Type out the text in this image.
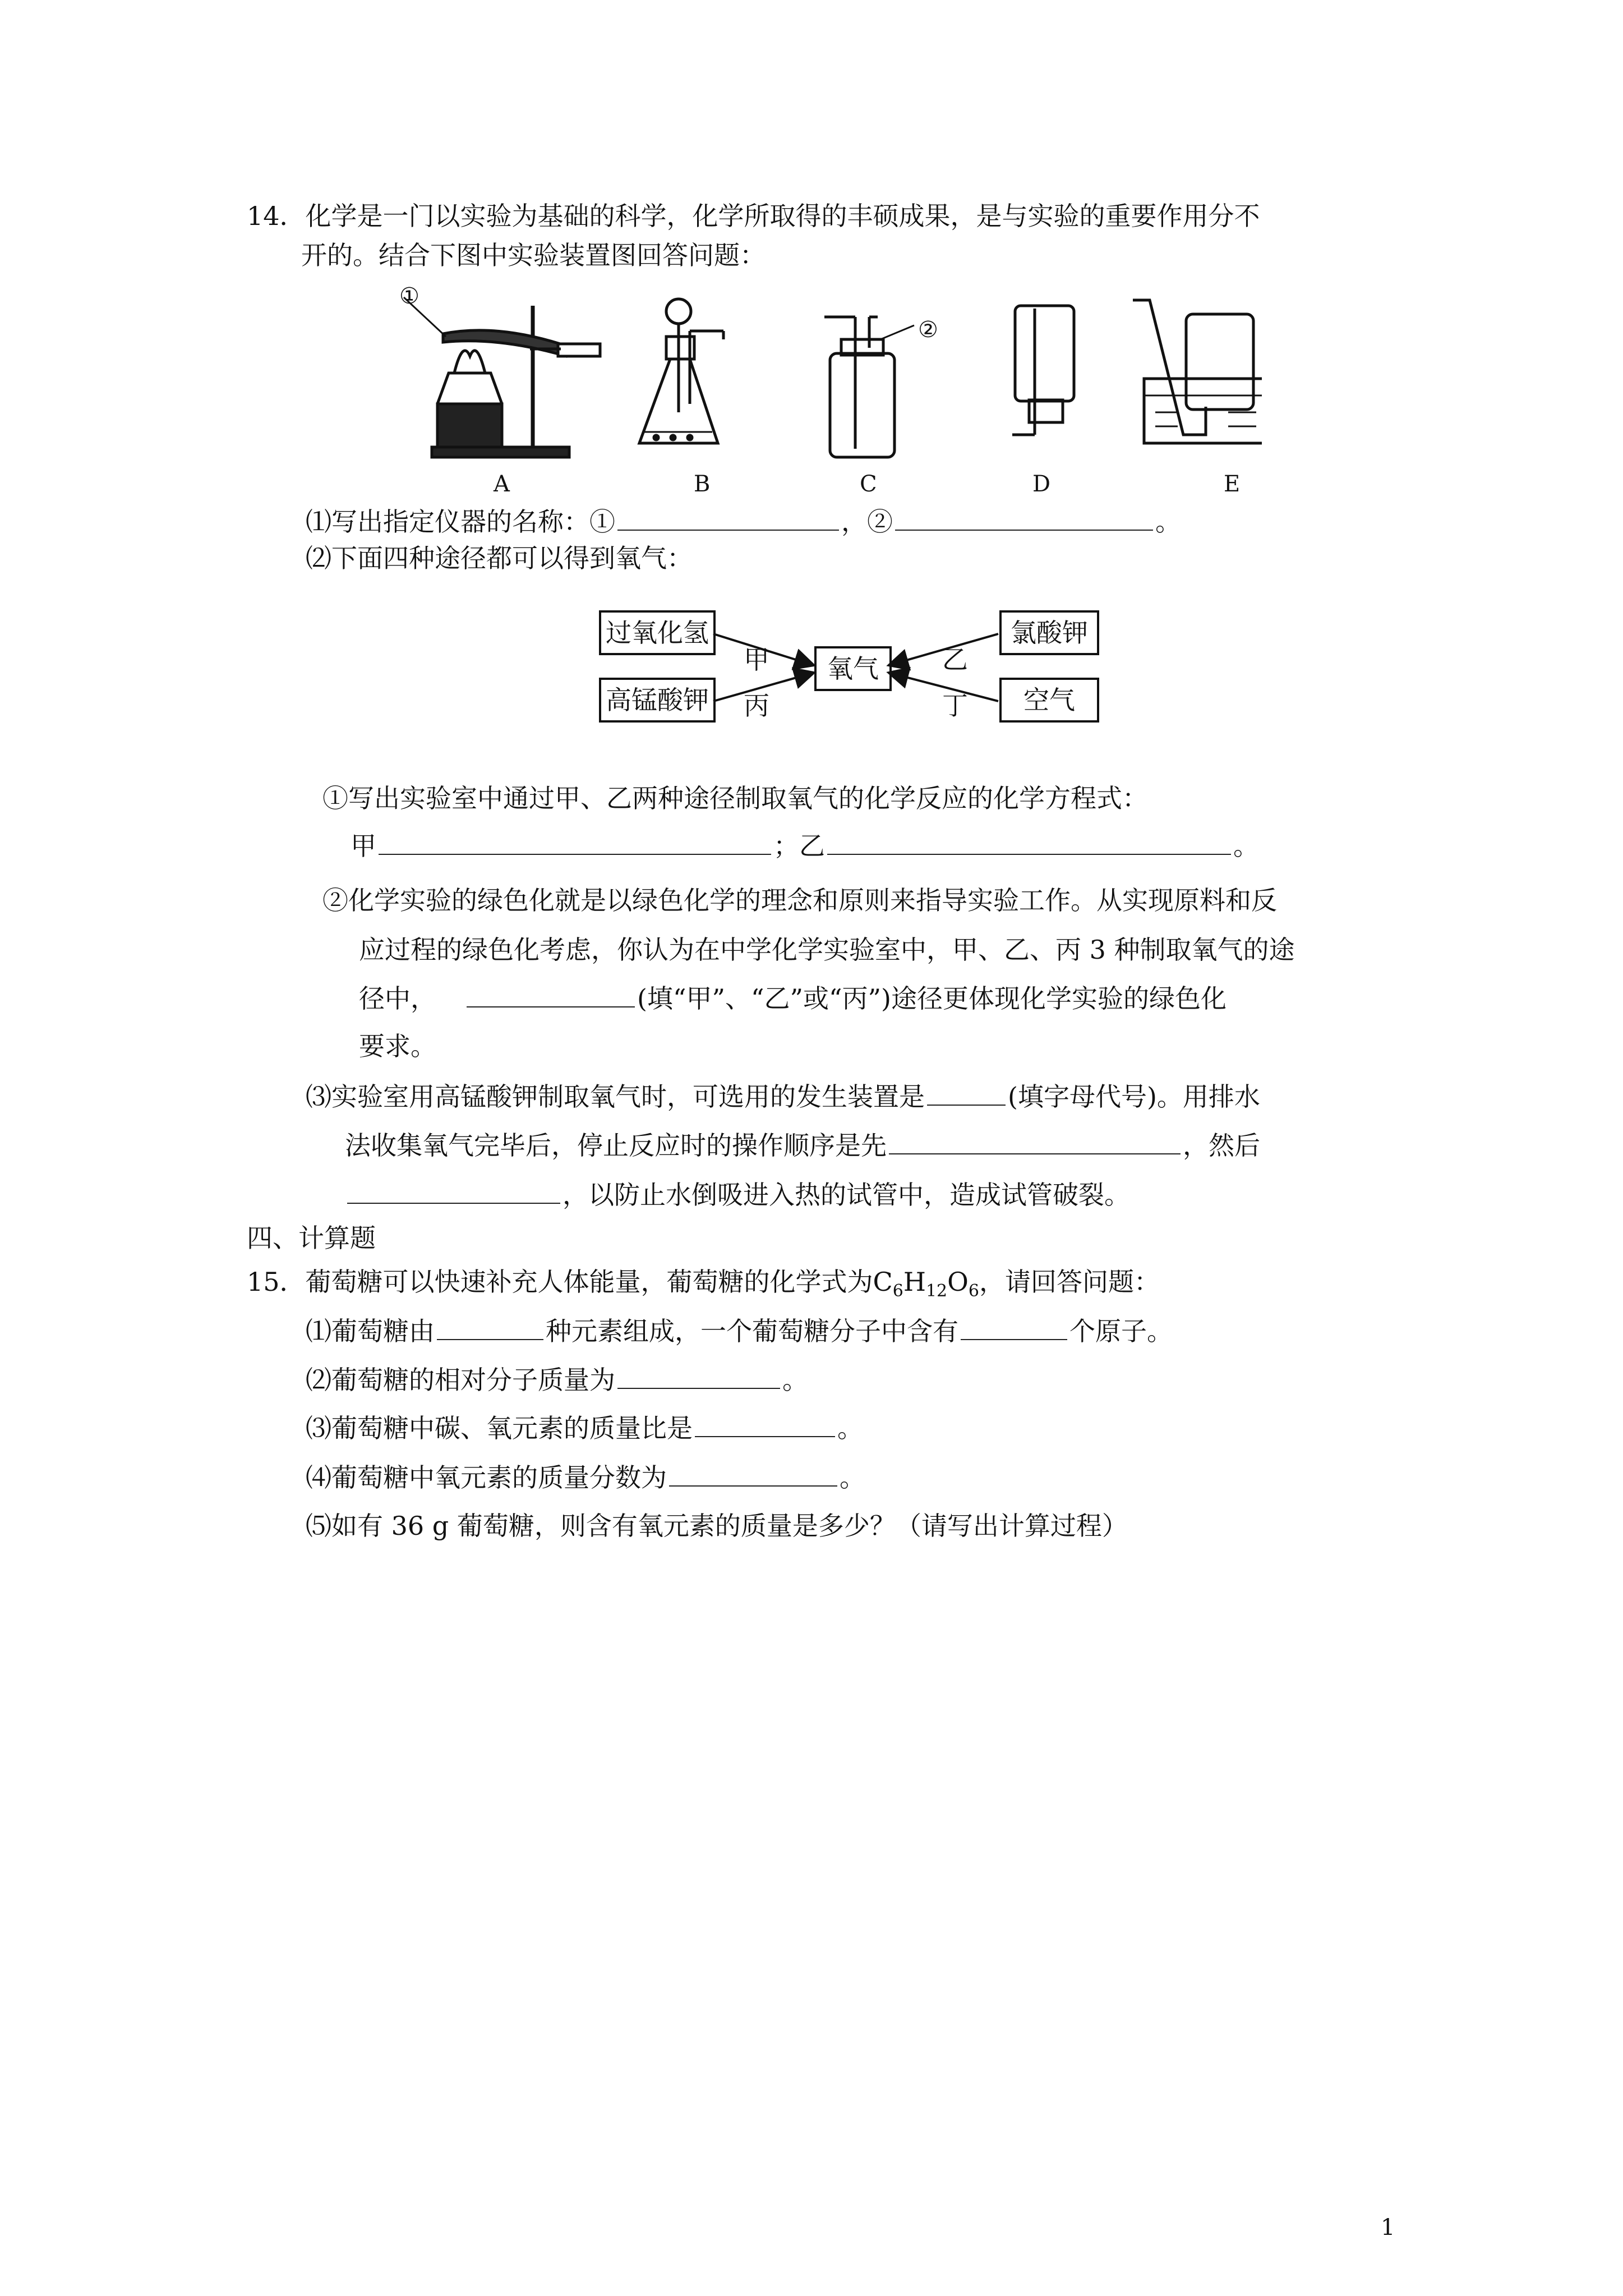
14．化学是一门以实验为基础的科学，化学所取得的丰硕成果，是与实验的重要作用分不
开的。结合下图中实验装置图回答问题：
①
②
A	B	C	D	E
⑴写出指定仪器的名称：①	，②	。
⑵下面四种途径都可以得到氧气：
过氧化氢
高锰酸钾
氧气
氯酸钾
空气
甲
丙
乙
丁
①写出实验室中通过甲、乙两种途径制取氧气的化学反应的化学方程式：
甲	；乙	。
②化学实验的绿色化就是以绿色化学的理念和原则来指导实验工作。从实现原料和反
应过程的绿色化考虑，你认为在中学化学实验室中，甲、乙、丙 3 种制取氧气的途
径中，	(填“甲”、“乙”或“丙”)途径更体现化学实验的绿色化
要求。
⑶实验室用高锰酸钾制取氧气时，可选用的发生装置是	(填字母代号)。用排水
法收集氧气完毕后，停止反应时的操作顺序是先	，然后
，以防止水倒吸进入热的试管中，造成试管破裂。
四、计算题
15．葡萄糖可以快速补充人体能量，葡萄糖的化学式为$C_6H_{12}O_6$，请回答问题：
⑴葡萄糖由	种元素组成，一个葡萄糖分子中含有	个原子。
⑵葡萄糖的相对分子质量为	。
⑶葡萄糖中碳、氧元素的质量比是	。
⑷葡萄糖中氧元素的质量分数为	。
⑸如有 36 g 葡萄糖，则含有氧元素的质量是多少？（请写出计算过程）
1
